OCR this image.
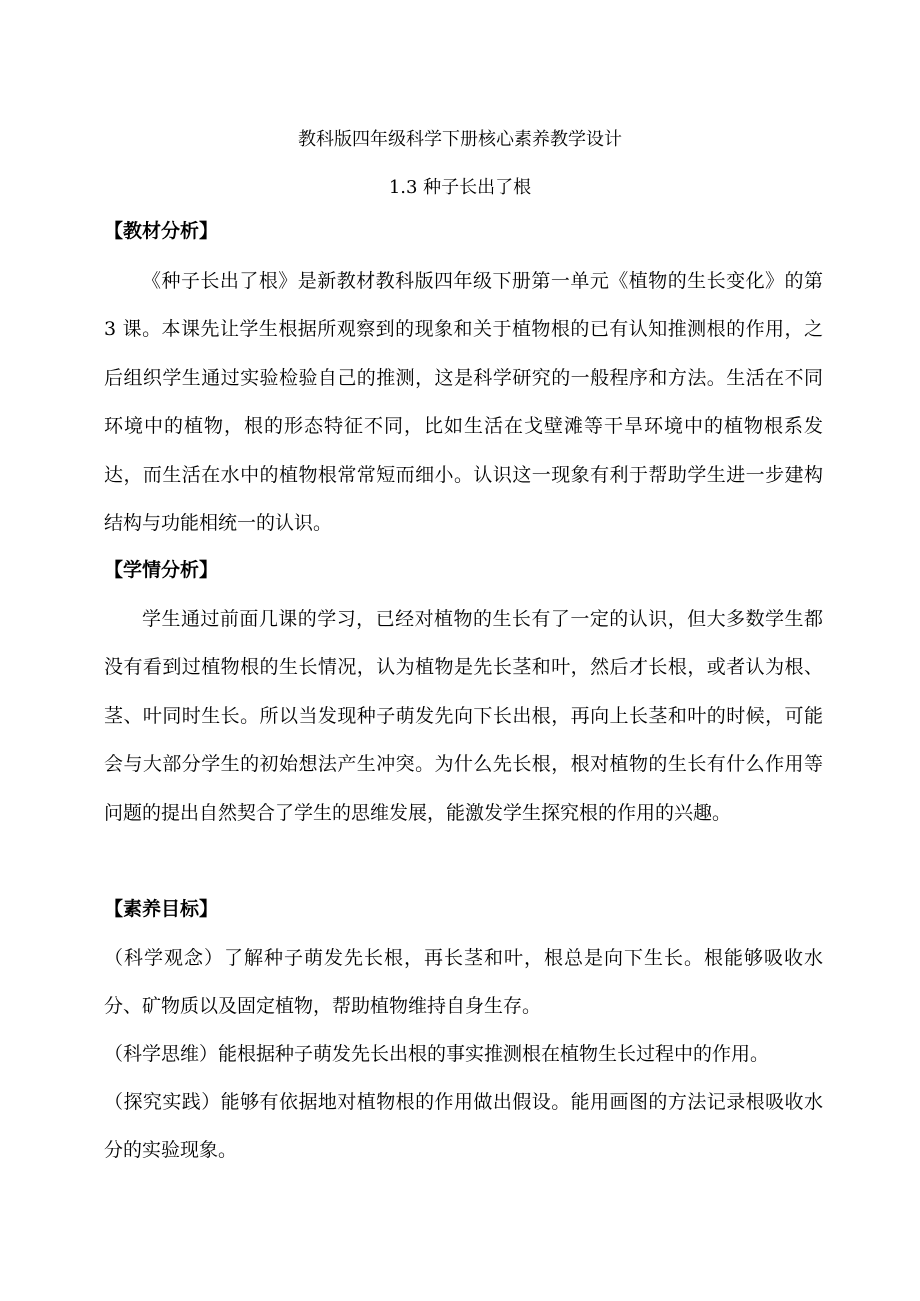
教科版四年级科学下册核心素养教学设计
1.3 种子长出了根
【教材分析】

《种子长出了根》是新教材教科版四年级下册第一单元《植物的生长变化》的第 3 课。本课先让学生根据所观察到的现象和关于植物根的已有认知推测根的作用，之后组织学生通过实验检验自己的推测，这是科学研究的一般程序和方法。生活在不同环境中的植物，根的形态特征不同，比如生活在戈壁滩等干旱环境中的植物根系发达，而生活在水中的植物根常常短而细小。认识这一现象有利于帮助学生进一步建构结构与功能相统一的认识。

【学情分析】

学生通过前面几课的学习，已经对植物的生长有了一定的认识，但大多数学生都没有看到过植物根的生长情况，认为植物是先长茎和叶，然后才长根，或者认为根、茎、叶同时生长。所以当发现种子萌发先向下长出根，再向上长茎和叶的时候，可能会与大部分学生的初始想法产生冲突。为什么先长根，根对植物的生长有什么作用等问题的提出自然契合了学生的思维发展，能激发学生探究根的作用的兴趣。

【素养目标】

（科学观念）了解种子萌发先长根，再长茎和叶，根总是向下生长。根能够吸收水分、矿物质以及固定植物，帮助植物维持自身生存。

（科学思维）能根据种子萌发先长出根的事实推测根在植物生长过程中的作用。

（探究实践）能够有依据地对植物根的作用做出假设。能用画图的方法记录根吸收水分的实验现象。
